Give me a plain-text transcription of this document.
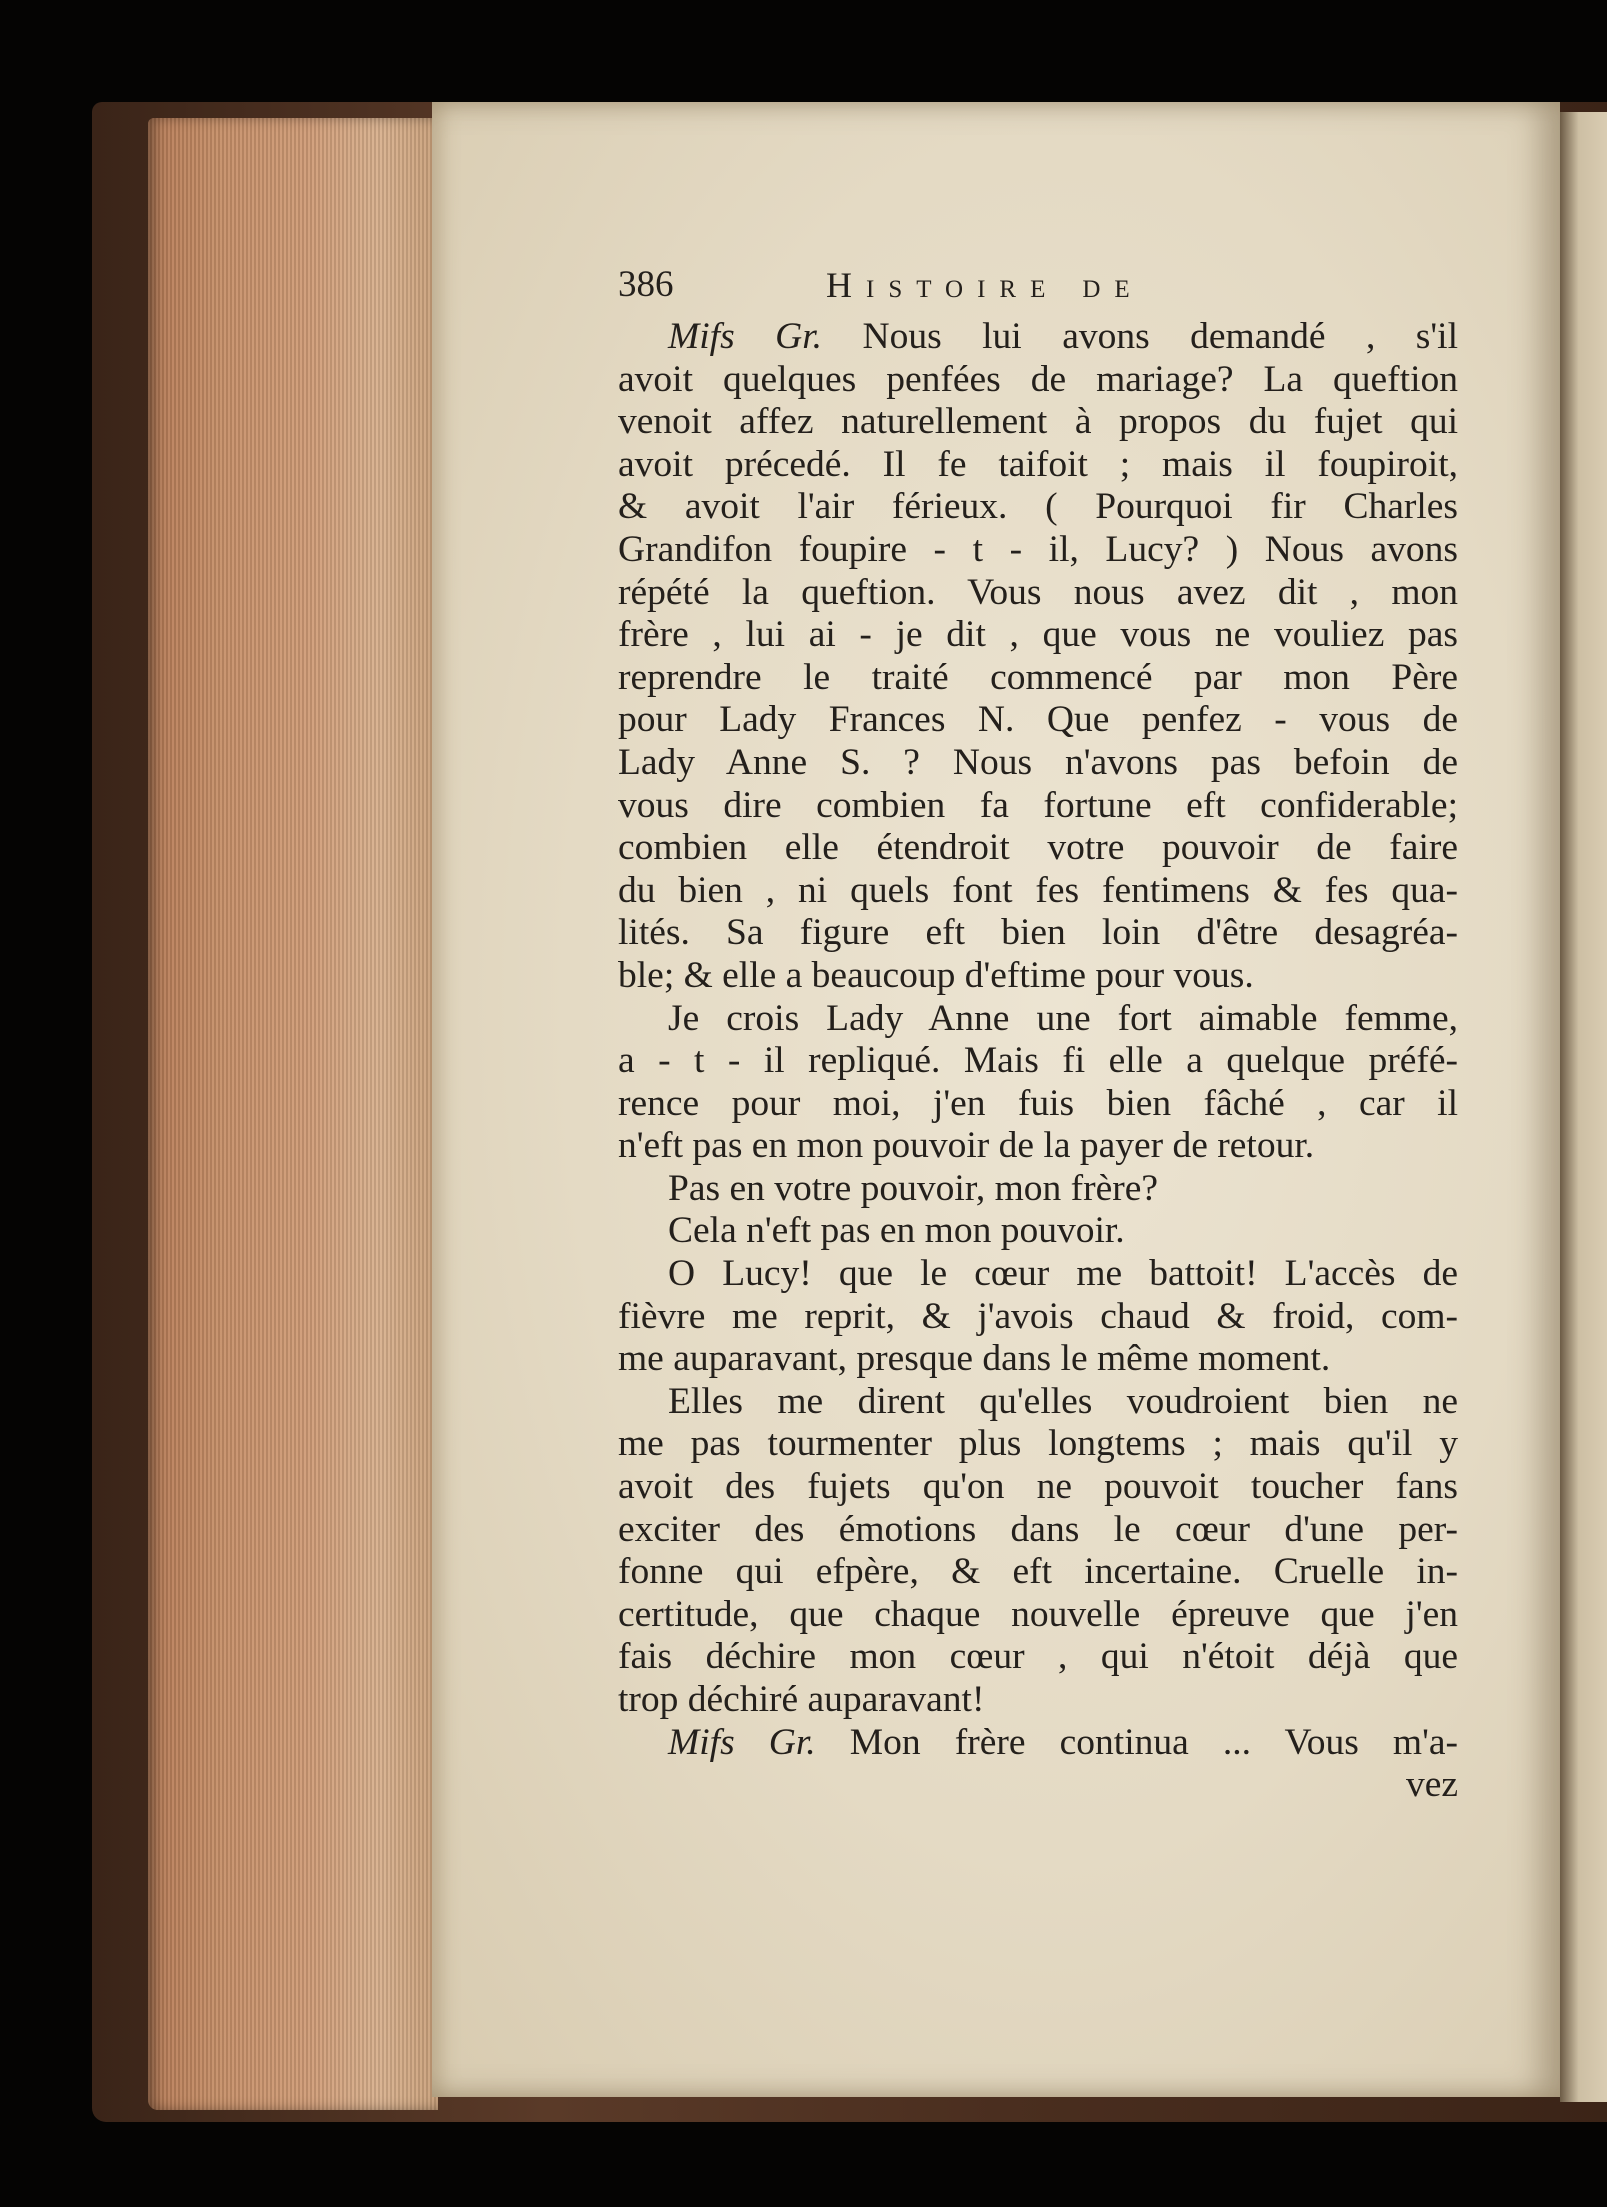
386	Histoire de
Mifs Gr. Nous lui avons demandé , s'il
avoit quelques penfées de mariage? La queftion
venoit affez naturellement à propos du fujet qui
avoit précedé. Il fe taifoit ; mais il foupiroit,
& avoit l'air férieux. ( Pourquoi fir Charles
Grandifon foupire - t - il, Lucy? ) Nous avons
répété la queftion. Vous nous avez dit , mon
frère , lui ai - je dit , que vous ne vouliez pas
reprendre le traité commencé par mon Père
pour Lady Frances N. Que penfez - vous de
Lady Anne S. ? Nous n'avons pas befoin de
vous dire combien fa fortune eft confiderable;
combien elle étendroit votre pouvoir de faire
du bien , ni quels font fes fentimens & fes qua-
lités. Sa figure eft bien loin d'être desagréa-
ble; & elle a beaucoup d'eftime pour vous.
Je crois Lady Anne une fort aimable femme,
a - t - il repliqué. Mais fi elle a quelque préfé-
rence pour moi, j'en fuis bien fâché , car il
n'eft pas en mon pouvoir de la payer de retour.
Pas en votre pouvoir, mon frère?
Cela n'eft pas en mon pouvoir.
O Lucy! que le cœur me battoit! L'accès de
fièvre me reprit, & j'avois chaud & froid, com-
me auparavant, presque dans le même moment.
Elles me dirent qu'elles voudroient bien ne
me pas tourmenter plus longtems ; mais qu'il y
avoit des fujets qu'on ne pouvoit toucher fans
exciter des émotions dans le cœur d'une per-
fonne qui efpère, & eft incertaine. Cruelle in-
certitude, que chaque nouvelle épreuve que j'en
fais déchire mon cœur , qui n'étoit déjà que
trop déchiré auparavant!
Mifs Gr. Mon frère continua ... Vous m'a-
vez
